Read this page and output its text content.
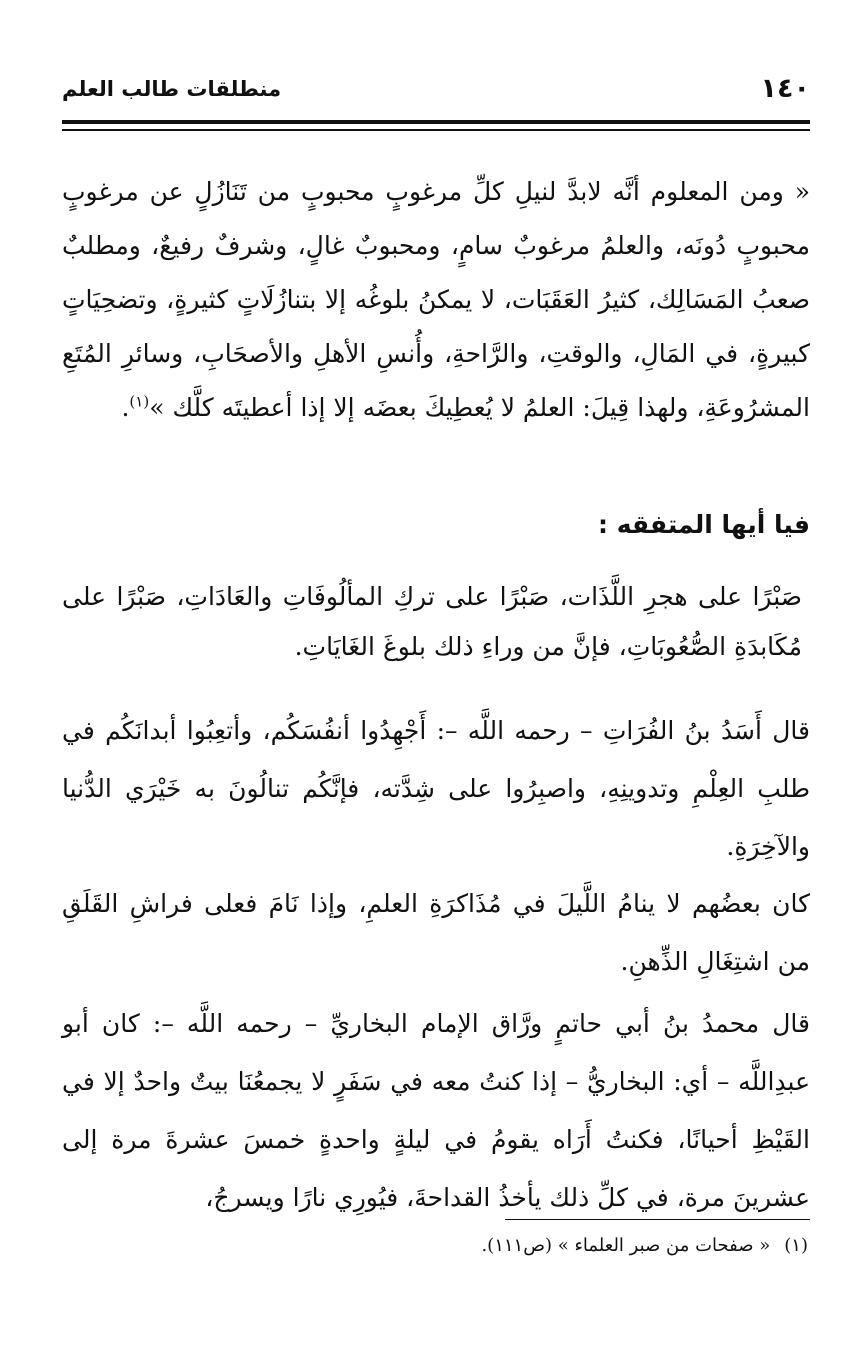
١٤٠
منطلقات طالب العلم

« ومن المعلوم أنَّه لابدَّ لنيلِ كلِّ مرغوبٍ محبوبٍ من تَنَازُلٍ عن مرغوبٍ محبوبٍ دُونَه، والعلمُ مرغوبٌ سامٍ، ومحبوبٌ غالٍ، وشرفٌ رفيعٌ، ومطلبٌ صعبُ المَسَالِك، كثيرُ العَقَبَات، لا يمكنُ بلوغُه إلا بتنازُلَاتٍ كثيرةٍ، وتضحِيَاتٍ كبيرةٍ، في المَالِ، والوقتِ، والرَّاحةِ، وأُنسِ الأهلِ والأصحَابِ، وسائرِ المُتَعِ المشرُوعَةِ، ولهذا قِيلَ: العلمُ لا يُعطِيكَ بعضَه إلا إذا أعطيتَه كلَّك »$^{(١)}$.

فيا أيها المتفقه :

صَبْرًا على هجرِ اللَّذَات، صَبْرًا على تركِ المألُوفَاتِ والعَادَاتِ، صَبْرًا على مُكَابدَةِ الصُّعُوبَاتِ، فإنَّ من وراءِ ذلك بلوغَ الغَايَاتِ.

قال أَسَدُ بنُ الفُرَاتِ – رحمه اللَّه –: أَجْهِدُوا أنفُسَكُم، وأتعِبُوا أبدانَكُم في طلبِ العِلْمِ وتدوينِهِ، واصبِرُوا على شِدَّته، فإنَّكُم تنالُونَ به خَيْرَي الدُّنيا والآخِرَةِ.

كان بعضُهم لا ينامُ اللَّيلَ في مُذَاكرَةِ العلمِ، وإذا نَامَ فعلى فراشِ القَلَقِ من اشتِغَالِ الذِّهنِ.

قال محمدُ بنُ أبي حاتمٍ ورَّاق الإمام البخاريِّ – رحمه اللَّه –: كان أبو عبدِاللَّه – أي: البخاريُّ – إذا كنتُ معه في سَفَرٍ لا يجمعُنَا بيتٌ واحدٌ إلا في القَيْظِ أحيانًا، فكنتُ أَرَاه يقومُ في ليلةٍ واحدةٍ خمسَ عشرةَ مرة إلى عشرينَ مرة، في كلِّ ذلك يأخذُ القداحةَ، فيُورِي نارًا ويسرجُ،

(١)« صفحات من صبر العلماء » (ص١١١).
